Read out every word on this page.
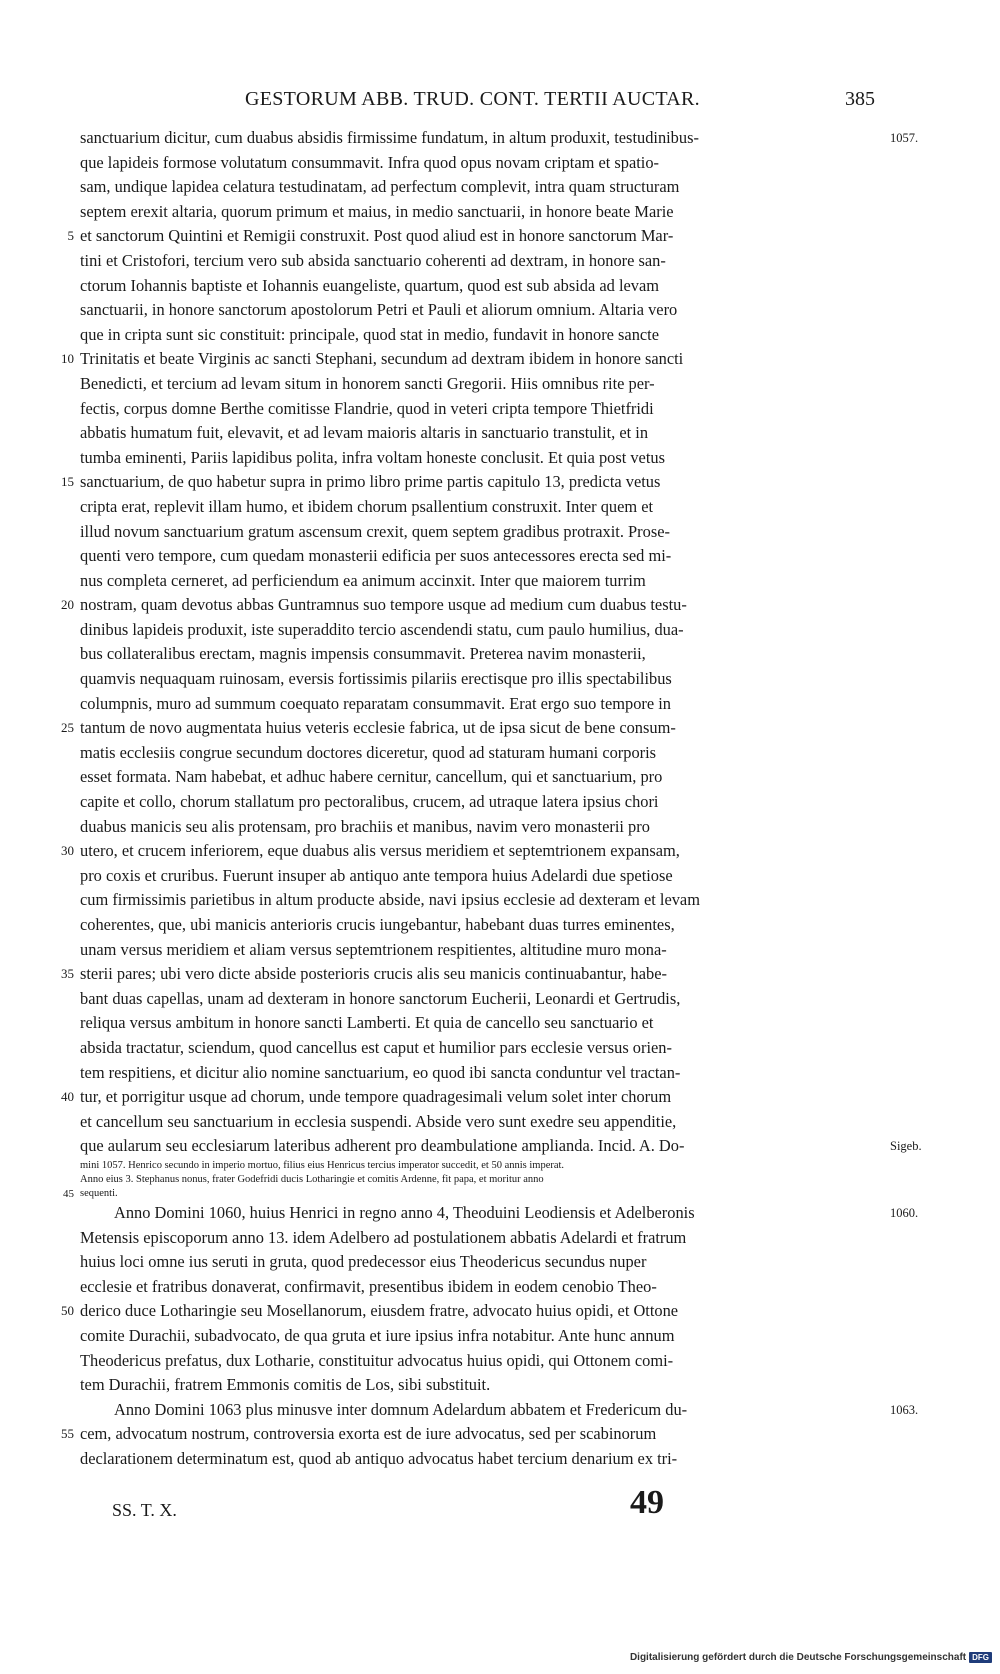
GESTORUM ABB. TRUD. CONT. TERTII AUCTAR.	385
sanctuarium dicitur, cum duabus absidis firmissime fundatum, in altum produxit, testudinibus-	1057.
que lapideis formose volutatum consummavit. Infra quod opus novam criptam et spatio-
sam, undique lapidea celatura testudinatam, ad perfectum complevit, intra quam structuram
septem erexit altaria, quorum primum et maius, in medio sanctuarii, in honore beate Marie
5 et sanctorum Quintini et Remigii construxit. Post quod aliud est in honore sanctorum Mar-
tini et Cristofori, tercium vero sub absida sanctuario coherenti ad dextram, in honore san-
ctorum Iohannis baptiste et Iohannis euangeliste, quartum, quod est sub absida ad levam
sanctuarii, in honore sanctorum apostolorum Petri et Pauli et aliorum omnium. Altaria vero
que in cripta sunt sic constituit: principale, quod stat in medio, fundavit in honore sancte
10 Trinitatis et beate Virginis ac sancti Stephani, secundum ad dextram ibidem in honore sancti
Benedicti, et tercium ad levam situm in honorem sancti Gregorii. Hiis omnibus rite per-
fectis, corpus domne Berthe comitisse Flandrie, quod in veteri cripta tempore Thietfridi
abbatis humatum fuit, elevavit, et ad levam maioris altaris in sanctuario transtulit, et in
tumba eminenti, Pariis lapidibus polita, infra voltam honeste conclusit. Et quia post vetus
15 sanctuarium, de quo habetur supra in primo libro prime partis capitulo 13, predicta vetus
cripta erat, replevit illam humo, et ibidem chorum psallentium construxit. Inter quem et
illud novum sanctuarium gratum ascensum crexit, quem septem gradibus protraxit. Prose-
quenti vero tempore, cum quedam monasterii edificia per suos antecessores erecta sed mi-
nus completa cerneret, ad perficiendum ea animum accinxit. Inter que maiorem turrim
20 nostram, quam devotus abbas Guntramnus suo tempore usque ad medium cum duabus testu-
dinibus lapideis produxit, iste superaddito tercio ascendendi statu, cum paulo humilius, dua-
bus collateralibus erectam, magnis impensis consummavit. Preterea navim monasterii,
quamvis nequaquam ruinosam, eversis fortissimis pilariis erectisque pro illis spectabilibus
columpnis, muro ad summum coequato reparatam consummavit. Erat ergo suo tempore in
25 tantum de novo augmentata huius veteris ecclesie fabrica, ut de ipsa sicut de bene consum-
matis ecclesiis congrue secundum doctores diceretur, quod ad staturam humani corporis
esset formata. Nam habebat, et adhuc habere cernitur, cancellum, qui et sanctuarium, pro
capite et collo, chorum stallatum pro pectoralibus, crucem, ad utraque latera ipsius chori
duabus manicis seu alis protensam, pro brachiis et manibus, navim vero monasterii pro
30 utero, et crucem inferiorem, eque duabus alis versus meridiem et septemtrionem expansam,
pro coxis et cruribus. Fuerunt insuper ab antiquo ante tempora huius Adelardi due spetiose
cum firmissimis parietibus in altum producte abside, navi ipsius ecclesie ad dexteram et levam
coherentes, que, ubi manicis anterioris crucis iungebantur, habebant duas turres eminentes,
unam versus meridiem et aliam versus septemtrionem respitientes, altitudine muro mona-
35 sterii pares; ubi vero dicte abside posterioris crucis alis seu manicis continuabantur, habe-
bant duas capellas, unam ad dexteram in honore sanctorum Eucherii, Leonardi et Gertrudis,
reliqua versus ambitum in honore sancti Lamberti. Et quia de cancello seu sanctuario et
absida tractatur, sciendum, quod cancellus est caput et humilior pars ecclesie versus orien-
tem respitiens, et dicitur alio nomine sanctuarium, eo quod ibi sancta conduntur vel tractan-
40 tur, et porrigitur usque ad chorum, unde tempore quadragesimali velum solet inter chorum
et cancellum seu sanctuarium in ecclesia suspendi. Abside vero sunt exedre seu appenditie,
que aularum seu ecclesiarum lateribus adherent pro deambulatione amplianda. Incid. A. Do-	Sigeb.
mini 1057. Henrico secundo in imperio mortuo, filius eius Henricus tercius imperator succedit, et 50 annis imperat.
Anno eius 3. Stephanus nonus, frater Godefridi ducis Lotharingie et comitis Ardenne, fit papa, et moritur anno
45 sequenti.
Anno Domini 1060, huius Henrici in regno anno 4, Theoduini Leodiensis et Adelberonis	1060.
Metensis episcoporum anno 13. idem Adelbero ad postulationem abbatis Adelardi et fratrum
huius loci omne ius seruti in gruta, quod predecessor eius Theodericus secundus nuper
ecclesie et fratribus donaverat, confirmavit, presentibus ibidem in eodem cenobio Theo-
50 derico duce Lotharingie seu Mosellanorum, eiusdem fratre, advocato huius opidi, et Ottone
comite Durachii, subadvocato, de qua gruta et iure ipsius infra notabitur. Ante hunc annum
Theodericus prefatus, dux Lotharie, constituitur advocatus huius opidi, qui Ottonem comi-
tem Durachii, fratrem Emmonis comitis de Los, sibi substituit.
Anno Domini 1063 plus minusve inter domnum Adelardum abbatem et Fredericum du-	1063.
55 cem, advocatum nostrum, controversia exorta est de iure advocatus, sed per scabinorum
declarationem determinatum est, quod ab antiquo advocatus habet tercium denarium ex tri-
SS. T. X.	49
Digitalisierung gefördert durch die Deutsche Forschungsgemeinschaft DFG
